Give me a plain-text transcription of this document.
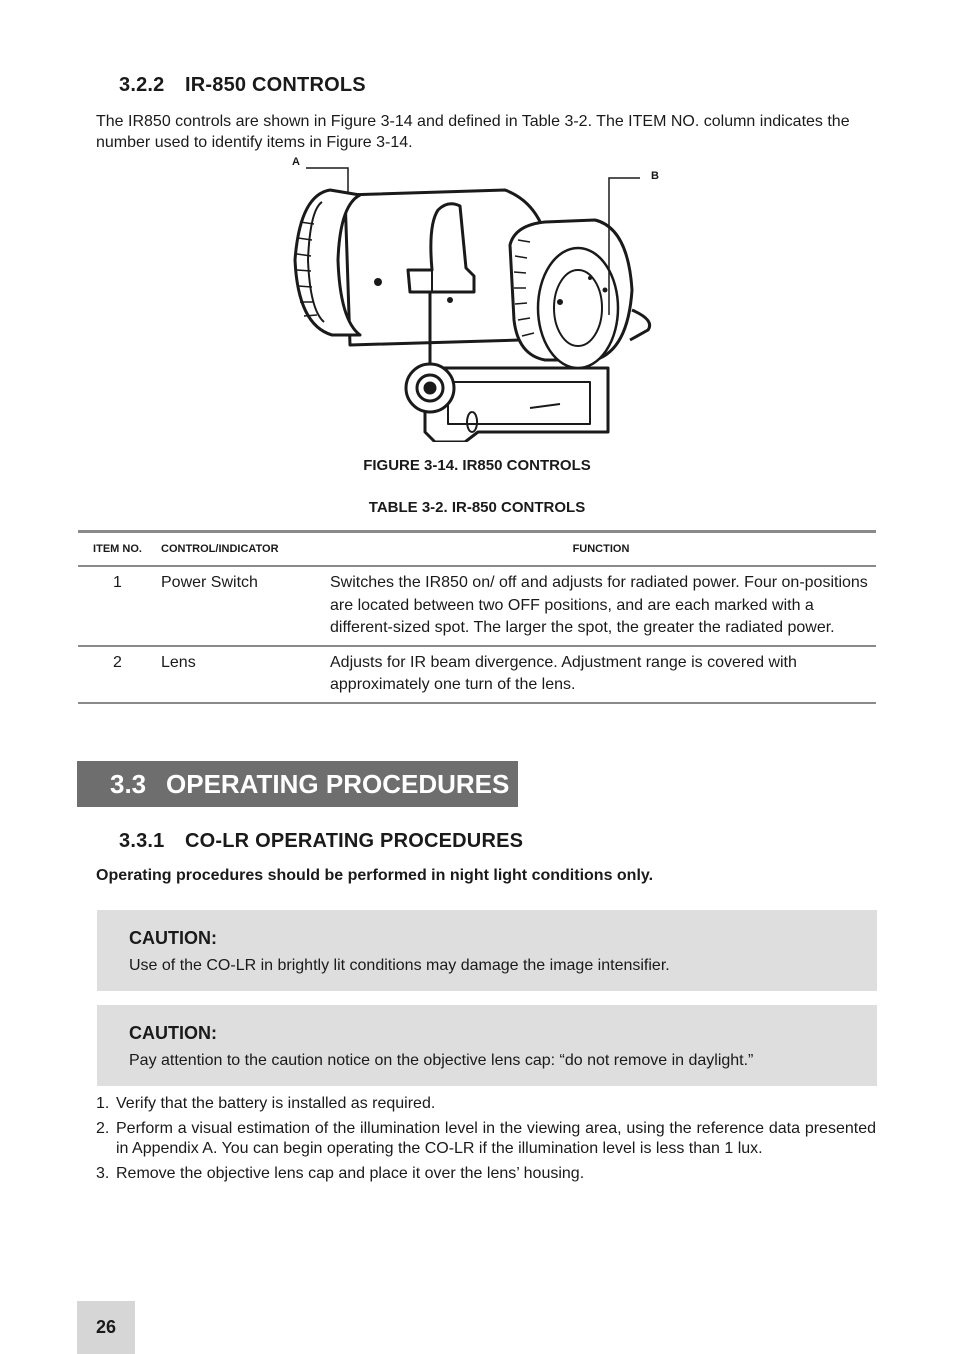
3.2.2 IR-850 CONTROLS
The IR850 controls are shown in Figure 3-14 and defined in Table 3-2. The ITEM NO. column indicates the number used to identify items in Figure 3-14.
A
B
FIGURE 3-14. IR850 CONTROLS
TABLE 3-2. IR-850 CONTROLS
ITEM NO.	CONTROL/INDICATOR	FUNCTION
1	Power Switch	Switches the IR850 on/ off and adjusts for radiated power. Four on-positions are located between two OFF positions, and are each marked with a different-sized spot. The larger the spot, the greater the radiated power.
2	Lens	Adjusts for IR beam divergence. Adjustment range is covered with approximately one turn of the lens.
3.3 OPERATING PROCEDURES
3.3.1 CO-LR OPERATING PROCEDURES
Operating procedures should be performed in night light conditions only.
CAUTION:
Use of the CO-LR in brightly lit conditions may damage the image intensifier.
CAUTION:
Pay attention to the caution notice on the objective lens cap: “do not remove in daylight.”
1. Verify that the battery is installed as required.
2. Perform a visual estimation of the illumination level in the viewing area, using the reference data presented in Appendix A. You can begin operating the CO-LR if the illumination level is less than 1 lux.
3. Remove the objective lens cap and place it over the lens’ housing.
26
